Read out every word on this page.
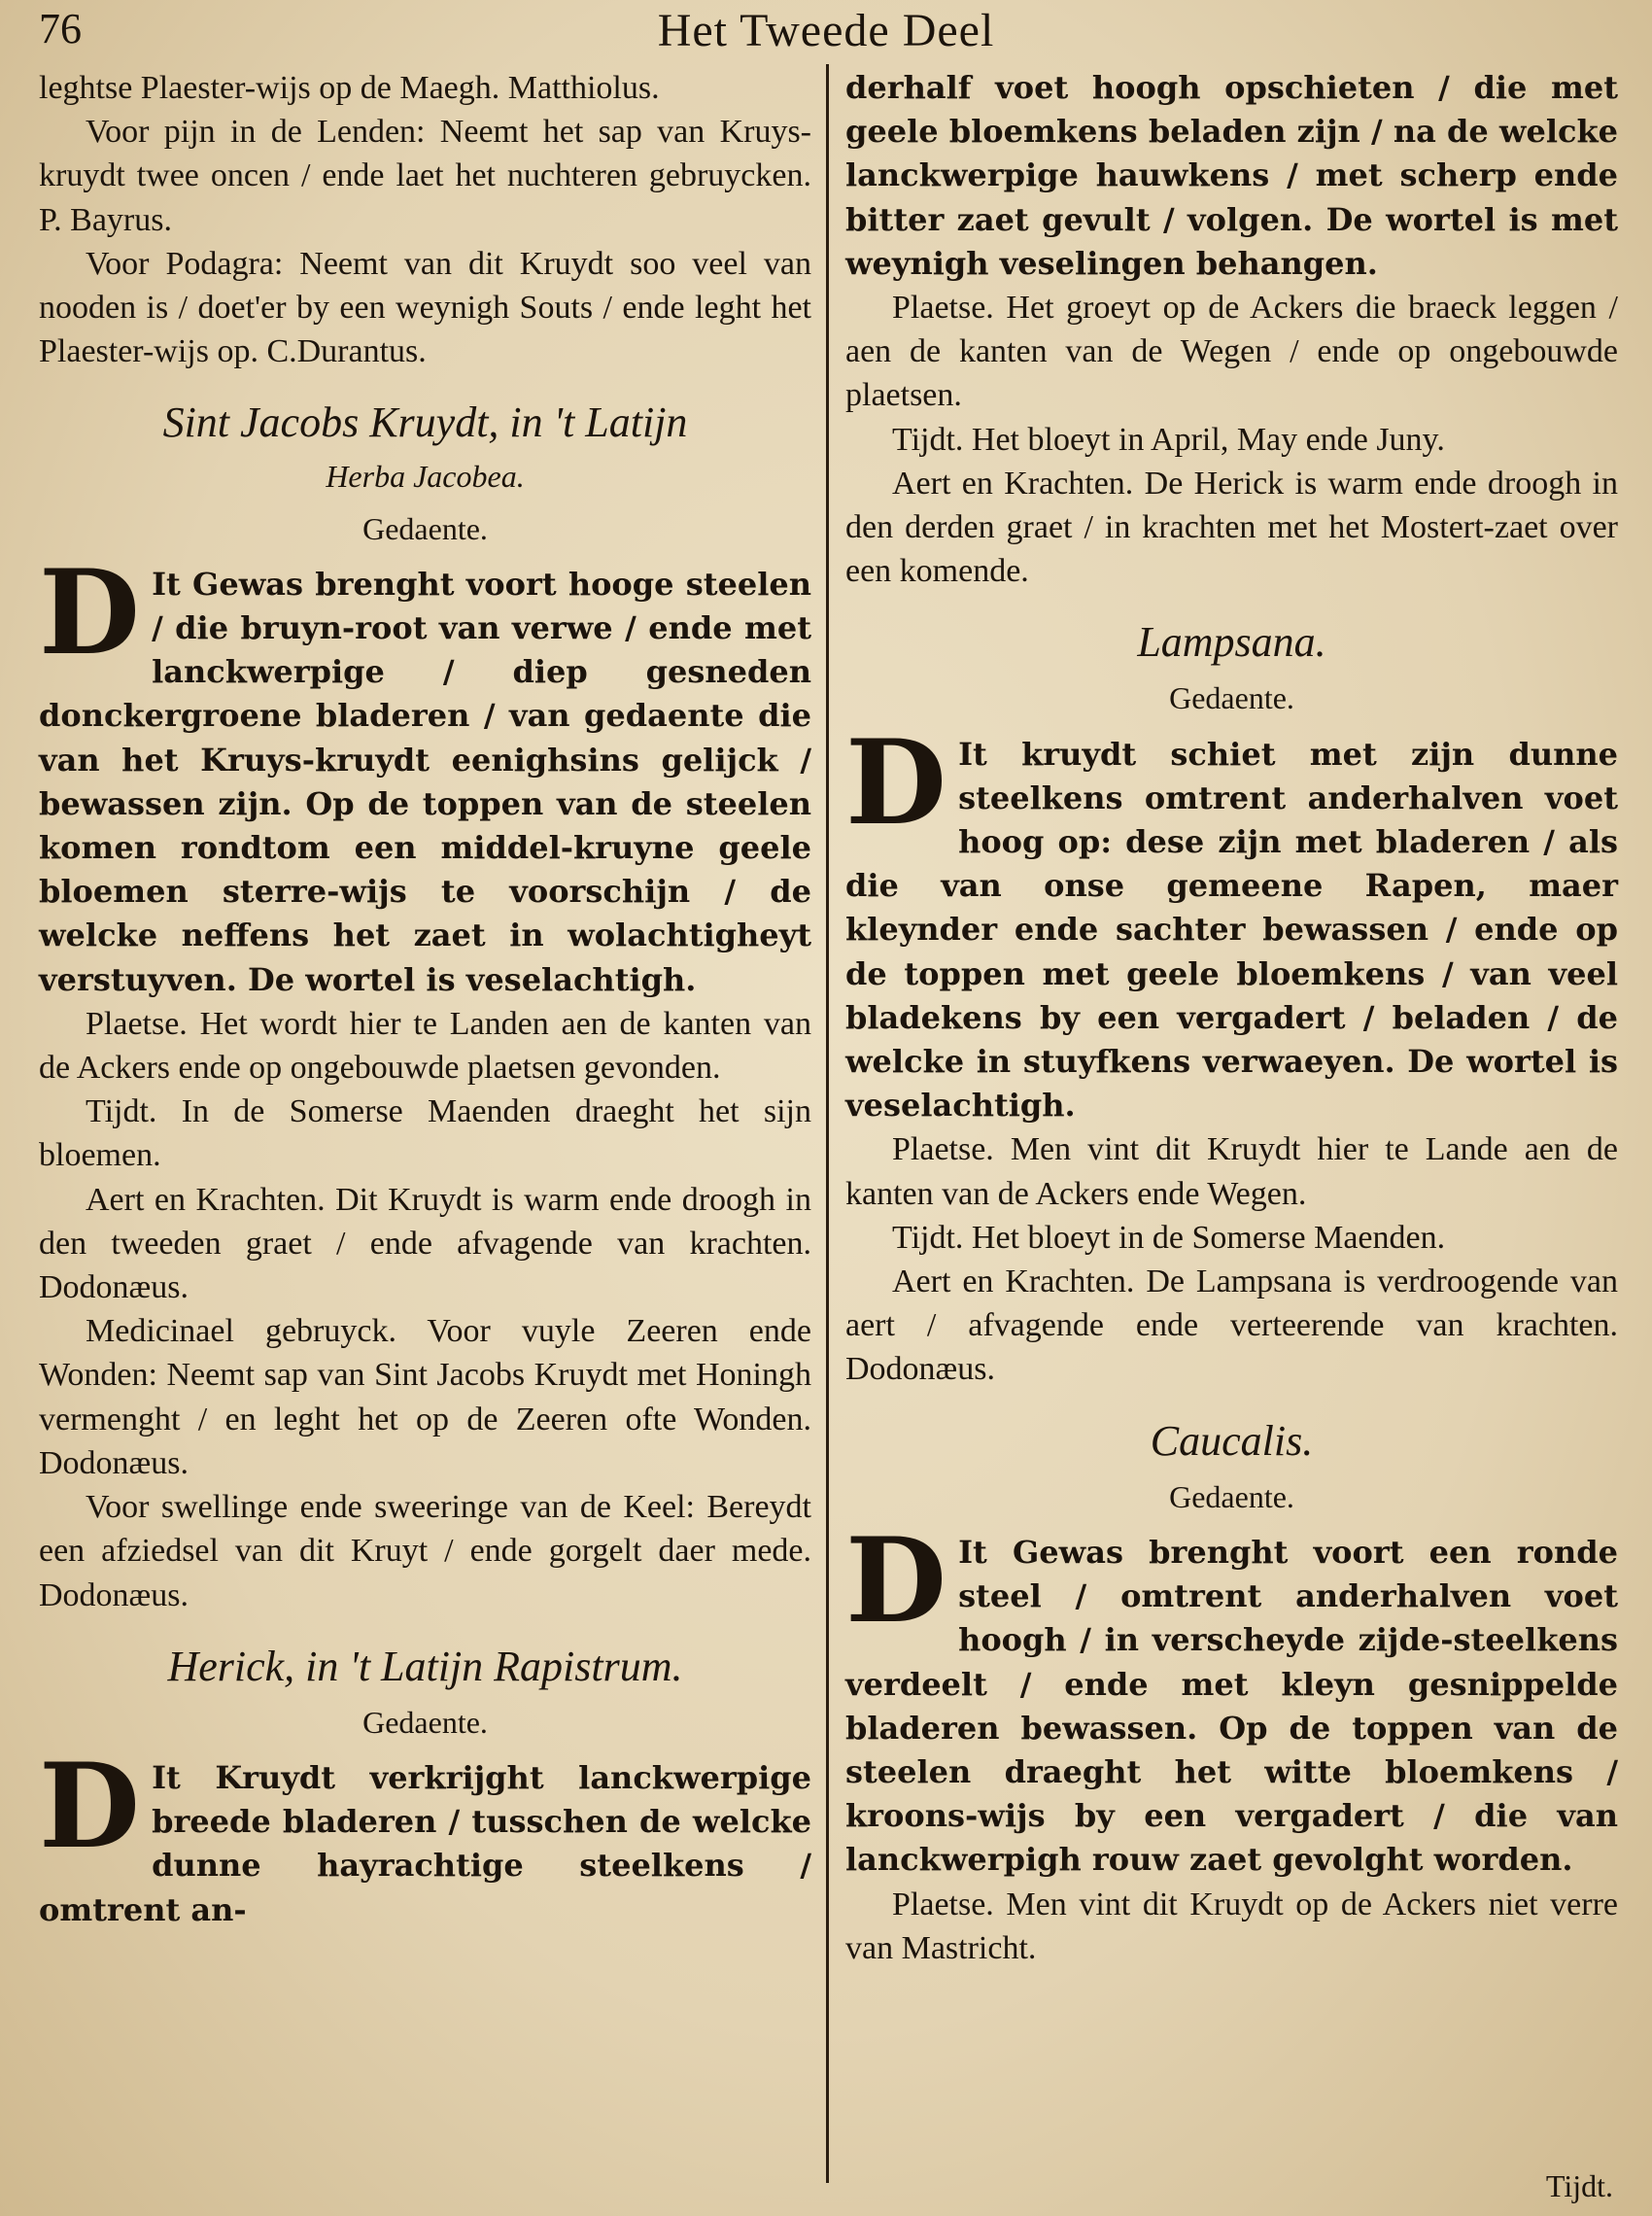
76	Het Tweede Deel

leghtse Plaester-wijs op de Maegh. Matthiolus.

Voor pijn in de Lenden: Neemt het sap van Kruys-kruydt twee oncen / ende laet het nuchteren gebruycken. P. Bayrus.

Voor Podagra: Neemt van dit Kruydt soo veel van nooden is / doet'er by een weynigh Souts / ende leght het Plaester-wijs op. C.Durantus.

Sint Jacobs Kruydt, in 't Latijn

Herba Jacobea.

Gedaente.

D It Gewas brenght voort hooge steelen / die bruyn-root van verwe / ende met lanckwerpige / diep gesneden donckergroene bladeren / van gedaente die van het Kruys-kruydt eenighsins gelijck / bewassen zijn. Op de toppen van de steelen komen rondtom een middel-kruyne geele bloemen sterre-wijs te voorschijn / de welcke neffens het zaet in wolachtigheyt verstuyven. De wortel is veselachtigh.

Plaetse. Het wordt hier te Landen aen de kanten van de Ackers ende op ongebouwde plaetsen gevonden.

Tijdt. In de Somerse Maenden draeght het sijn bloemen.

Aert en Krachten. Dit Kruydt is warm ende droogh in den tweeden graet / ende afvagende van krachten. Dodonæus.

Medicinael gebruyck. Voor vuyle Zeeren ende Wonden: Neemt sap van Sint Jacobs Kruydt met Honingh vermenght / en leght het op de Zeeren ofte Wonden. Dodonæus.

Voor swellinge ende sweeringe van de Keel: Bereydt een afziedsel van dit Kruyt / ende gorgelt daer mede. Dodonæus.

Herick, in 't Latijn Rapistrum.

Gedaente.

D It Kruydt verkrijght lanckwerpige breede bladeren / tusschen de welcke dunne hayrachtige steelkens / omtrent an-

derhalf voet hoogh opschieten / die met geele bloemkens beladen zijn / na de welcke lanckwerpige hauwkens / met scherp ende bitter zaet gevult / volgen. De wortel is met weynigh veselingen behangen.

Plaetse. Het groeyt op de Ackers die braeck leggen / aen de kanten van de Wegen / ende op ongebouwde plaetsen.

Tijdt. Het bloeyt in April, May ende Juny.

Aert en Krachten. De Herick is warm ende droogh in den derden graet / in krachten met het Mostert-zaet over een komende.

Lampsana.

Gedaente.

D It kruydt schiet met zijn dunne steelkens omtrent anderhalven voet hoog op: dese zijn met bladeren / als die van onse gemeene Rapen, maer kleynder ende sachter bewassen / ende op de toppen met geele bloemkens / van veel bladekens by een vergadert / beladen / de welcke in stuyfkens verwaeyen. De wortel is veselachtigh.

Plaetse. Men vint dit Kruydt hier te Lande aen de kanten van de Ackers ende Wegen.

Tijdt. Het bloeyt in de Somerse Maenden.

Aert en Krachten. De Lampsana is verdroogende van aert / afvagende ende verteerende van krachten. Dodonæus.

Caucalis.

Gedaente.

D It Gewas brenght voort een ronde steel / omtrent anderhalven voet hoogh / in verscheyde zijde-steelkens verdeelt / ende met kleyn gesnippelde bladeren bewassen. Op de toppen van de steelen draeght het witte bloemkens / kroons-wijs by een vergadert / die van lanckwerpigh rouw zaet gevolght worden.

Plaetse. Men vint dit Kruydt op de Ackers niet verre van Mastricht.

Tijdt.
